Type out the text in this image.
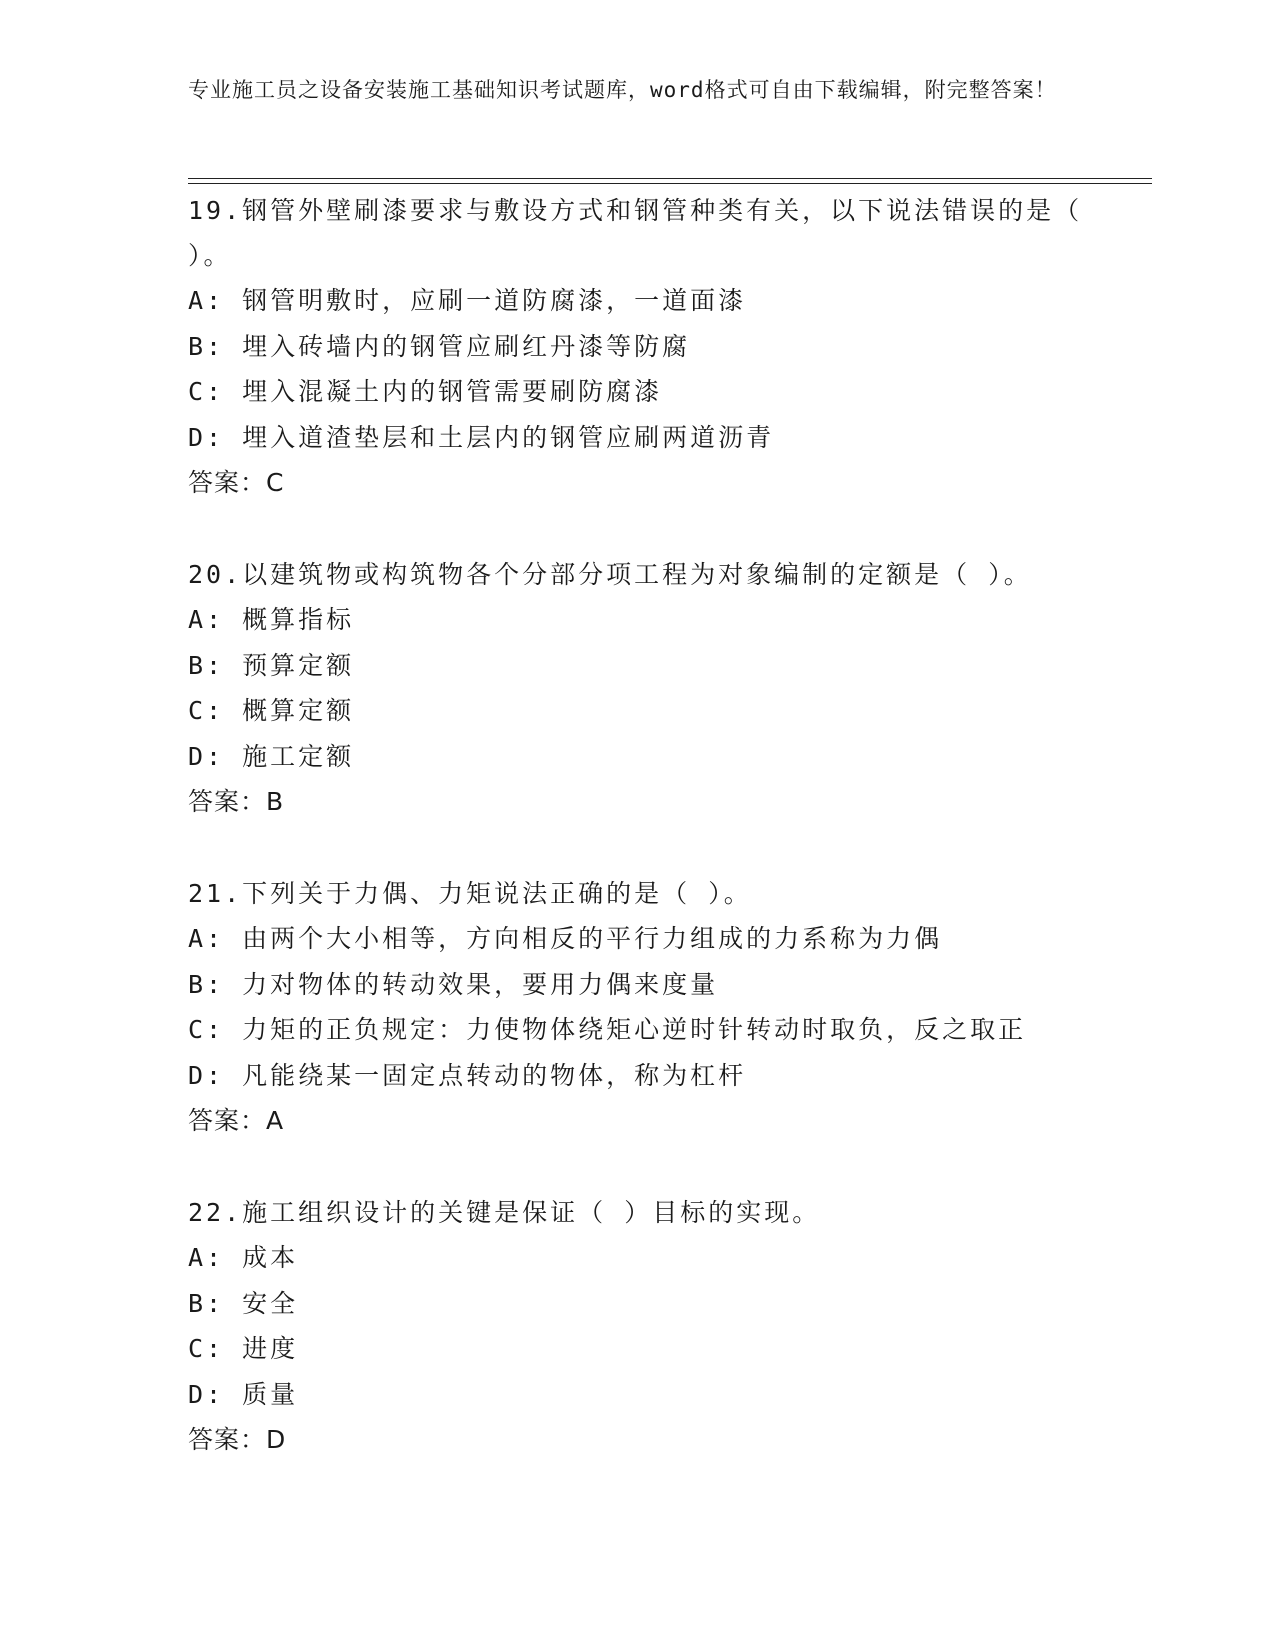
专业施工员之设备安装施工基础知识考试题库，word格式可自由下载编辑，附完整答案！

19.钢管外壁刷漆要求与敷设方式和钢管种类有关，以下说法错误的是（ ）。

A: 钢管明敷时，应刷一道防腐漆，一道面漆

B: 埋入砖墙内的钢管应刷红丹漆等防腐

C: 埋入混凝土内的钢管需要刷防腐漆

D: 埋入道渣垫层和土层内的钢管应刷两道沥青

答案：C

20.以建筑物或构筑物各个分部分项工程为对象编制的定额是（ ）。

A: 概算指标

B: 预算定额

C: 概算定额

D: 施工定额

答案：B

21.下列关于力偶、力矩说法正确的是（ ）。

A: 由两个大小相等，方向相反的平行力组成的力系称为力偶

B: 力对物体的转动效果，要用力偶来度量

C: 力矩的正负规定：力使物体绕矩心逆时针转动时取负，反之取正

D: 凡能绕某一固定点转动的物体，称为杠杆

答案：A

22.施工组织设计的关键是保证（ ）目标的实现。

A: 成本

B: 安全

C: 进度

D: 质量

答案：D
